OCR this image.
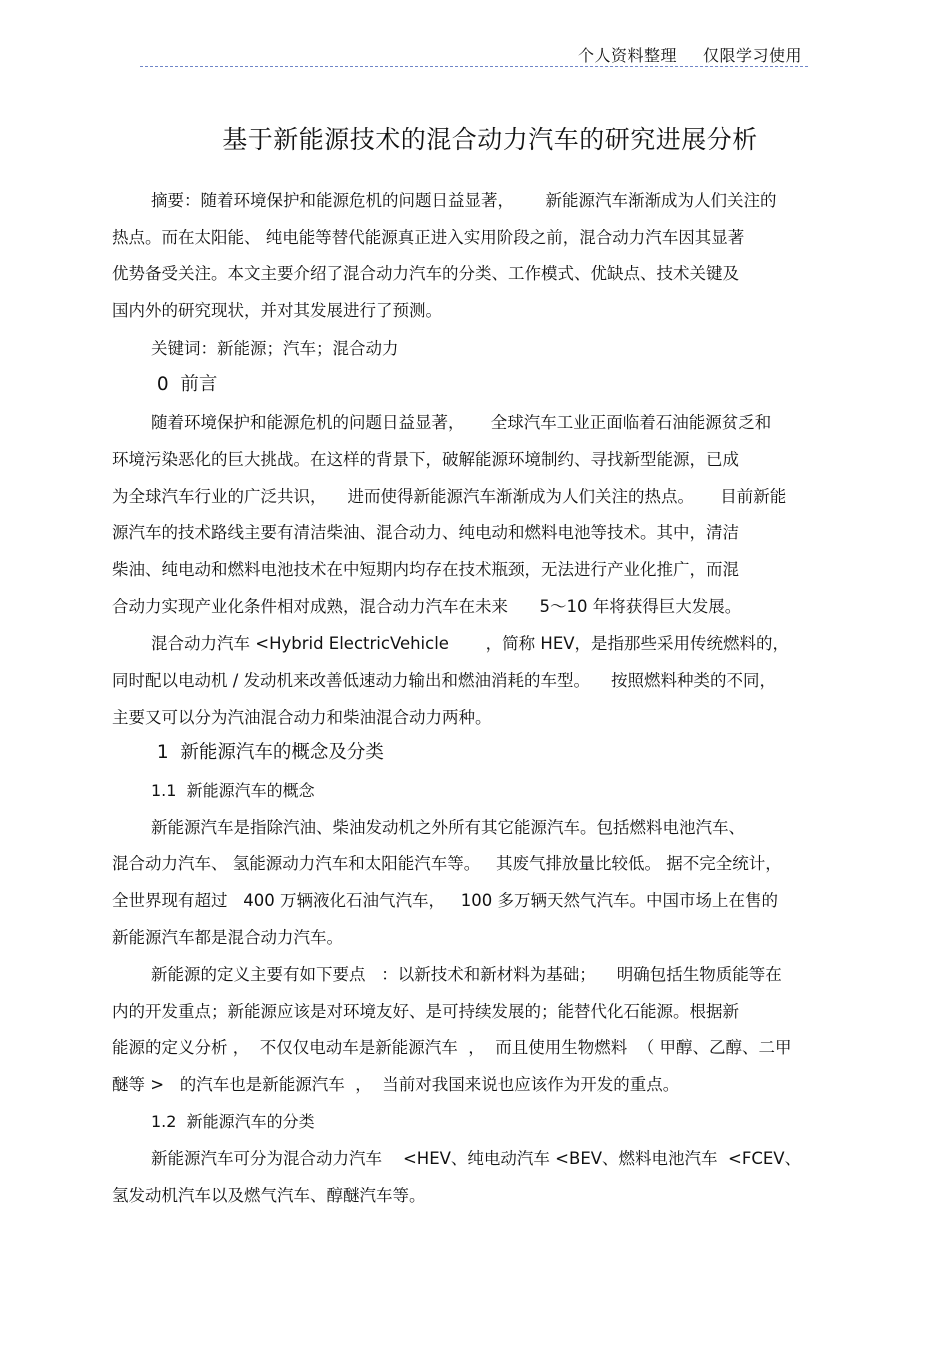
个人资料整理 仅限学习使用
基于新能源技术的混合动力汽车的研究进展分析
摘要：随着环境保护和能源危机的问题日益显著，      新能源汽车渐渐成为人们关注的
热点。而在太阳能、 纯电能等替代能源真正进入实用阶段之前，混合动力汽车因其显著
优势备受关注。本文主要介绍了混合动力汽车的分类、工作模式、优缺点、技术关键及
国内外的研究现状，并对其发展进行了预测。
关键词：新能源；汽车；混合动力
0  前言
随着环境保护和能源危机的问题日益显著，     全球汽车工业正面临着石油能源贫乏和
环境污染恶化的巨大挑战。在这样的背景下，破解能源环境制约、寻找新型能源，已成
为全球汽车行业的广泛共识，    进而使得新能源汽车渐渐成为人们关注的热点。     目前新能
源汽车的技术路线主要有清洁柴油、混合动力、纯电动和燃料电池等技术。其中，清洁
柴油、纯电动和燃料电池技术在中短期内均存在技术瓶颈，无法进行产业化推广，而混
合动力实现产业化条件相对成熟，混合动力汽车在未来      5～10 年将获得巨大发展。
混合动力汽车 <Hybrid ElectricVehicle       ，简称 HEV，是指那些采用传统燃料的，
同时配以电动机 / 发动机来改善低速动力输出和燃油消耗的车型。    按照燃料种类的不同，
主要又可以分为汽油混合动力和柴油混合动力两种。
1  新能源汽车的概念及分类
1.1  新能源汽车的概念
新能源汽车是指除汽油、柴油发动机之外所有其它能源汽车。包括燃料电池汽车、
混合动力汽车、 氢能源动力汽车和太阳能汽车等。   其废气排放量比较低。 据不完全统计，
全世界现有超过   400 万辆液化石油气汽车，   100 多万辆天然气汽车。中国市场上在售的
新能源汽车都是混合动力汽车。
新能源的定义主要有如下要点   ：以新技术和新材料为基础；    明确包括生物质能等在
内的开发重点；新能源应该是对环境友好、是可持续发展的；能替代化石能源。根据新
能源的定义分析 ，  不仅仅电动车是新能源汽车  ，  而且使用生物燃料  （ 甲醇、乙醇、二甲
醚等 >   的汽车也是新能源汽车  ，  当前对我国来说也应该作为开发的重点。
1.2  新能源汽车的分类
新能源汽车可分为混合动力汽车    <HEV、纯电动汽车 <BEV、燃料电池汽车  <FCEV、
氢发动机汽车以及燃气汽车、醇醚汽车等。
